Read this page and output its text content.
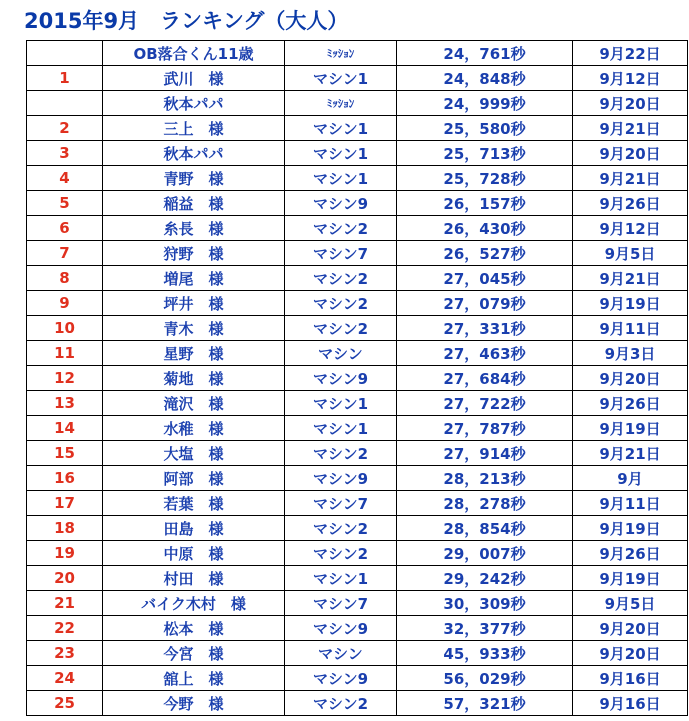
2015年9月　ランキング（大人）
	OB落合くん11歳	ﾐｯｼｮﾝ	24，761秒	9月22日
1	武川　様	マシン1	24，848秒	9月12日
	秋本パパ	ﾐｯｼｮﾝ	24，999秒	9月20日
2	三上　様	マシン1	25，580秒	9月21日
3	秋本パパ	マシン1	25，713秒	9月20日
4	青野　様	マシン1	25，728秒	9月21日
5	稲益　様	マシン9	26，157秒	9月26日
6	糸長　様	マシン2	26，430秒	9月12日
7	狩野　様	マシン7	26，527秒	9月5日
8	増尾　様	マシン2	27，045秒	9月21日
9	坪井　様	マシン2	27，079秒	9月19日
10	青木　様	マシン2	27，331秒	9月11日
11	星野　様	マシン	27，463秒	9月3日
12	菊地　様	マシン9	27，684秒	9月20日
13	滝沢　様	マシン1	27，722秒	9月26日
14	水稚　様	マシン1	27，787秒	9月19日
15	大塩　様	マシン2	27，914秒	9月21日
16	阿部　様	マシン9	28，213秒	9月
17	若葉　様	マシン7	28，278秒	9月11日
18	田島　様	マシン2	28，854秒	9月19日
19	中原　様	マシン2	29，007秒	9月26日
20	村田　様	マシン1	29，242秒	9月19日
21	バイク木村　様	マシン7	30，309秒	9月5日
22	松本　様	マシン9	32，377秒	9月20日
23	今宮　様	マシン	45，933秒	9月20日
24	舘上　様	マシン9	56，029秒	9月16日
25	今野　様	マシン2	57，321秒	9月16日
